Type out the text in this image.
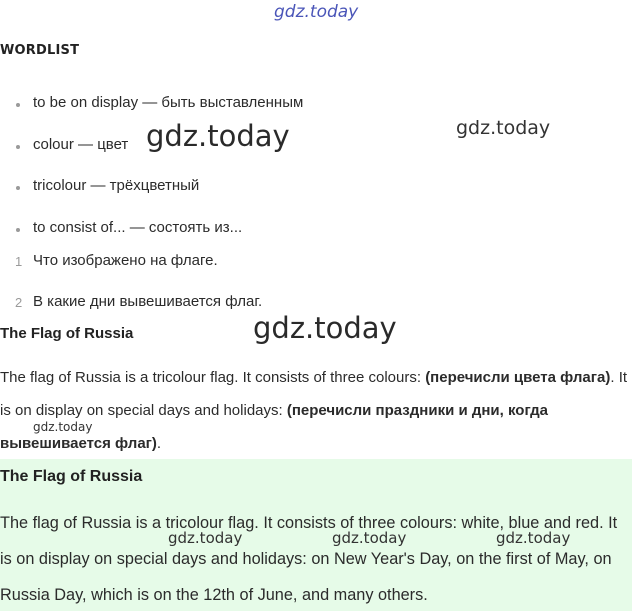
gdz.today
WORDLIST
to be on display — быть выставленным
colour — цвет
tricolour — трёхцветный
to consist of... — состоять из...
1 Что изображено на флаге.
2 В какие дни вывешивается флаг.
The Flag of Russia
The flag of Russia is a tricolour flag. It consists of three colours: (перечисли цвета флага). It is on display on special days and holidays: (перечисли праздники и дни, когда вывешивается флаг).
The Flag of Russia
The flag of Russia is a tricolour flag. It consists of three colours: white, blue and red. It is on display on special days and holidays: on New Year's Day, on the first of May, on Russia Day, which is on the 12th of June, and many others.
gdz.today	gdz.today
gdz.today
gdz.today
gdz.today	gdz.today	gdz.today
